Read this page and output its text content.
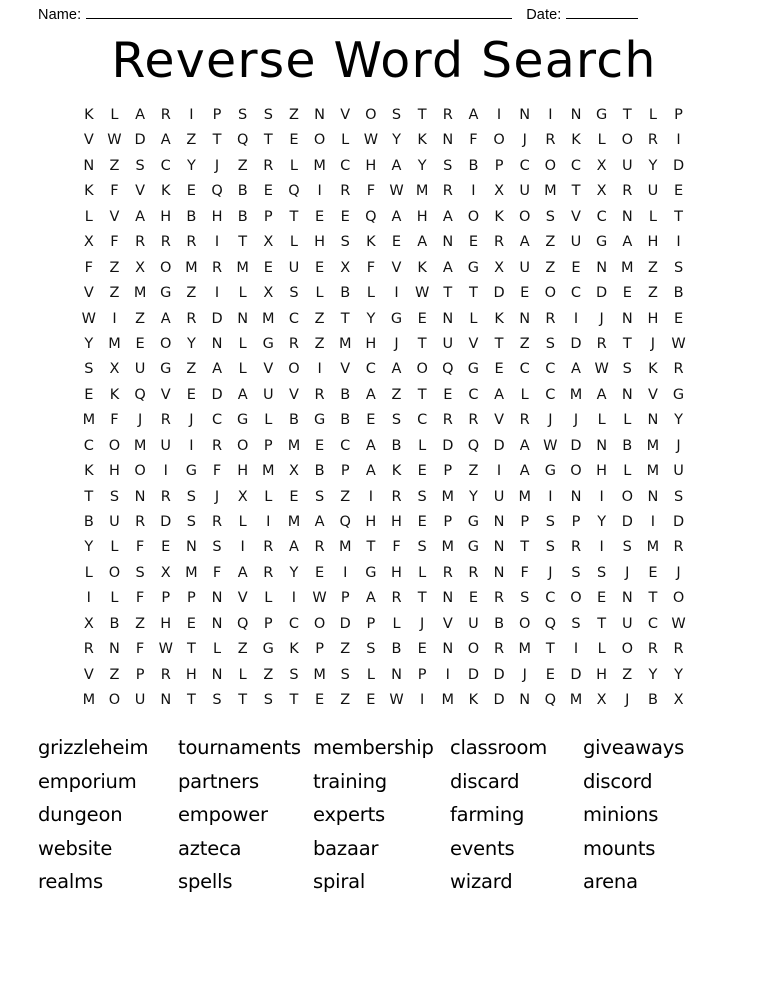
Name:	Date:
Reverse Word Search
K	L	A	R	I	P	S	S	Z	N	V	O	S	T	R	A	I	N	I	N	G	T	L	P
V W D	A	Z	T	Q	T	E	O	L W Y	K	N	F	O	J	R	K	L	O	R	I
N	Z	S	C	Y	J	Z	R	L	M C	H	A	Y	S	B	P	C	O	C	X	U	Y	D
K	F	V	K	E	Q	B	E	Q	I	R	F W M R	I	X	U M	T	X	R	U	E
L	V	A	H	B	H	B	P	T	E	E	Q	A	H	A	O	K	O	S	V	C	N	L	T
X	F	R	R	R	I	T	X	L	H	S	K	E	A	N	E	R	A	Z	U	G	A	H	I
F	Z	X	O M R M	E	U	E	X	F	V	K	A	G	X	U	Z	E	N M Z	S
V	Z M G	Z	I	L	X	S	L	B	L	I	W T	T	D	E	O	C	D	E	Z	B
W	I	Z	A	R	D	N M C	Z	T	Y	G	E	N	L	K	N	R	I	J	N	H	E
Y	M	E	O	Y	N	L	G	R	Z M H	J	T	U	V	T	Z	S	D	R	T	J	W
S	X	U	G	Z	A	L	V	O	I	V	C	A	O Q G	E	C	C	A W S	K	R
E	K	Q	V	E	D	A	U	V	R	B	A	Z	T	E	C	A	L	C M A	N	V	G
M	F	J	R	J	C	G	L	B	G	B	E	S	C	R	R	V	R	J	J	L	L	N	Y
C	O M U	I	R	O	P	M	E	C	A	B	L	D Q D	A W D	N	B M	J
K	H O	I	G	F	H M X	B	P	A	K	E	P	Z	I	A	G O H	L	M U
T	S	N	R	S	J	X	L	E	S	Z	I	R	S	M	Y	U M	I	N	I	O	N	S
B	U	R	D	S	R	L	I	M A	Q H	H	E	P	G	N	P	S	P	Y	D	I	D
Y	L	F	E	N	S	I	R	A	R M	T	F	S	M G	N	T	S	R	I	S	M R
L	O	S	X M	F	A	R	Y	E	I	G	H	L	R	R	N	F	J	S	S	J	E	J
I	L	F	P	P	N	V	L	I	W P	A	R	T	N	E	R	S	C	O	E	N	T	O
X	B	Z	H	E	N	Q	P	C	O D	P	L	J	V	U	B	O Q	S	T	U	C W
R	N	F W T	L	Z	G	K	P	Z	S	B	E	N	O	R M	T	I	L	O	R	R
V	Z	P	R	H	N	L	Z	S	M	S	L	N	P	I	D D	J	E	D	H	Z	Y	Y
M O	U	N	T	S	T	S	T	E	Z	E W	I	M	K	D	N	Q M X	J	B	X
grizzleheim	tournaments membership classroom	giveaways
emporium	partners	training	discard	discord
dungeon	empower	experts	farming	minions
website	azteca	bazaar	events	mounts
realms	spells	spiral	wizard	arena
